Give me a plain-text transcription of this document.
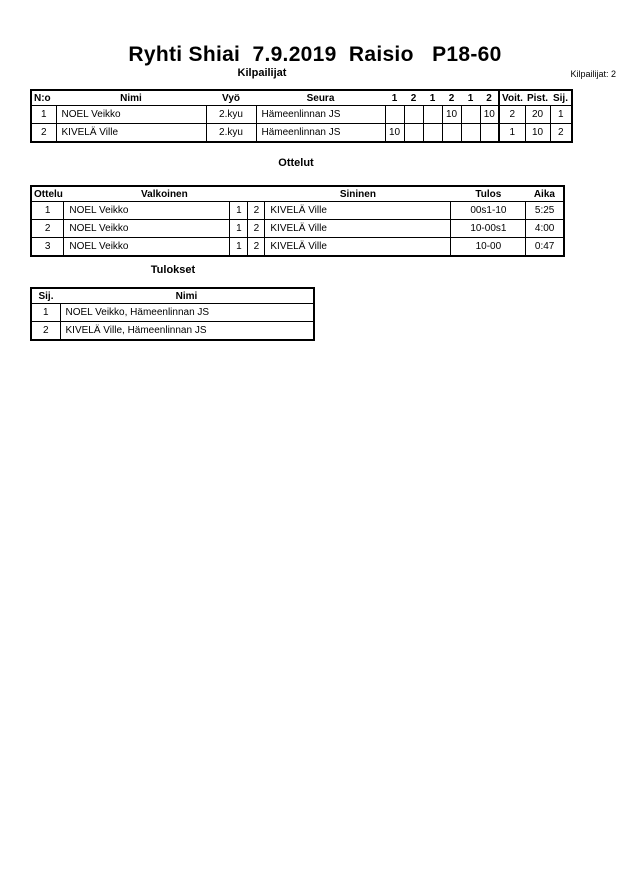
Ryhti Shiai  7.9.2019  Raisio   P18-60
Kilpailijat	Kilpailijat: 2
N:o	Nimi	Vyö	Seura	1	2	1	2	1	2	Voit.	Pist.	Sij.
1	NOEL Veikko	2.kyu	Hämeenlinnan JS				10		10	2	20	1
2	KIVELÄ Ville	2.kyu	Hämeenlinnan JS	10						1	10	2
Ottelut
Ottelu	Valkoinen			Sininen	Tulos	Aika
1	NOEL Veikko	1	2	KIVELÄ Ville	00s1-10	5:25
2	NOEL Veikko	1	2	KIVELÄ Ville	10-00s1	4:00
3	NOEL Veikko	1	2	KIVELÄ Ville	10-00	0:47
Tulokset
Sij.	Nimi
1	NOEL Veikko, Hämeenlinnan JS
2	KIVELÄ Ville, Hämeenlinnan JS
